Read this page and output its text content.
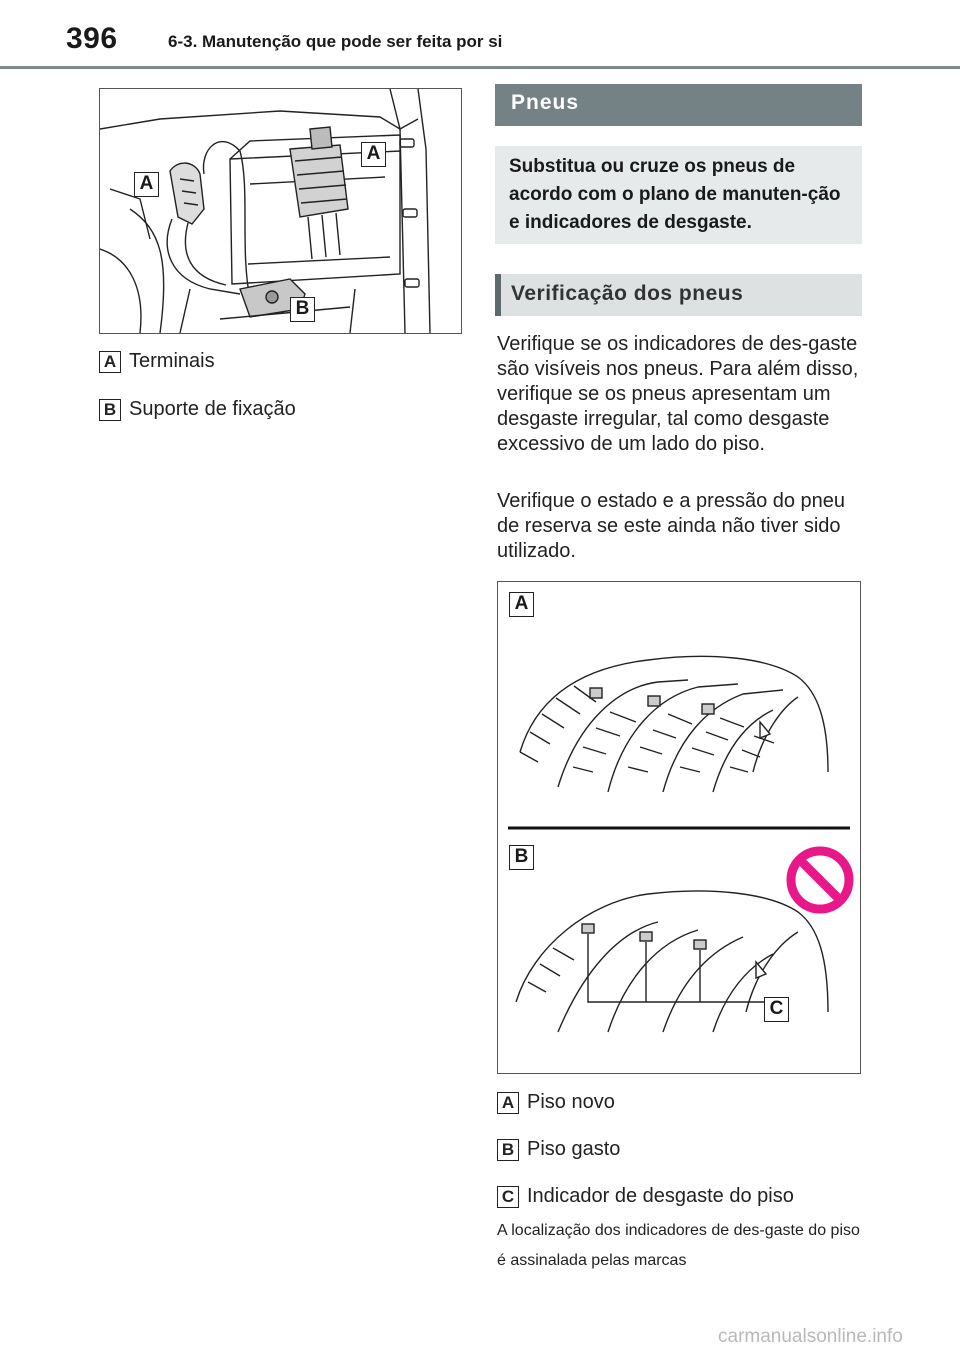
396	6-3. Manutenção que pode ser feita por si
A
A
B
A Terminais
B Suporte de fixação
Pneus
Substitua ou cruze os pneus de acordo com o plano de manuten-ção e indicadores de desgaste.
Verificação dos pneus
Verifique se os indicadores de des-gaste são visíveis nos pneus. Para além disso, verifique se os pneus apresentam um desgaste irregular, tal como desgaste excessivo de um lado do piso.
Verifique o estado e a pressão do pneu de reserva se este ainda não tiver sido utilizado.
A
B
C
A Piso novo
B Piso gasto
C Indicador de desgaste do piso
A localização dos indicadores de des-gaste do piso é assinalada pelas marcas
carmanualsonline.info
